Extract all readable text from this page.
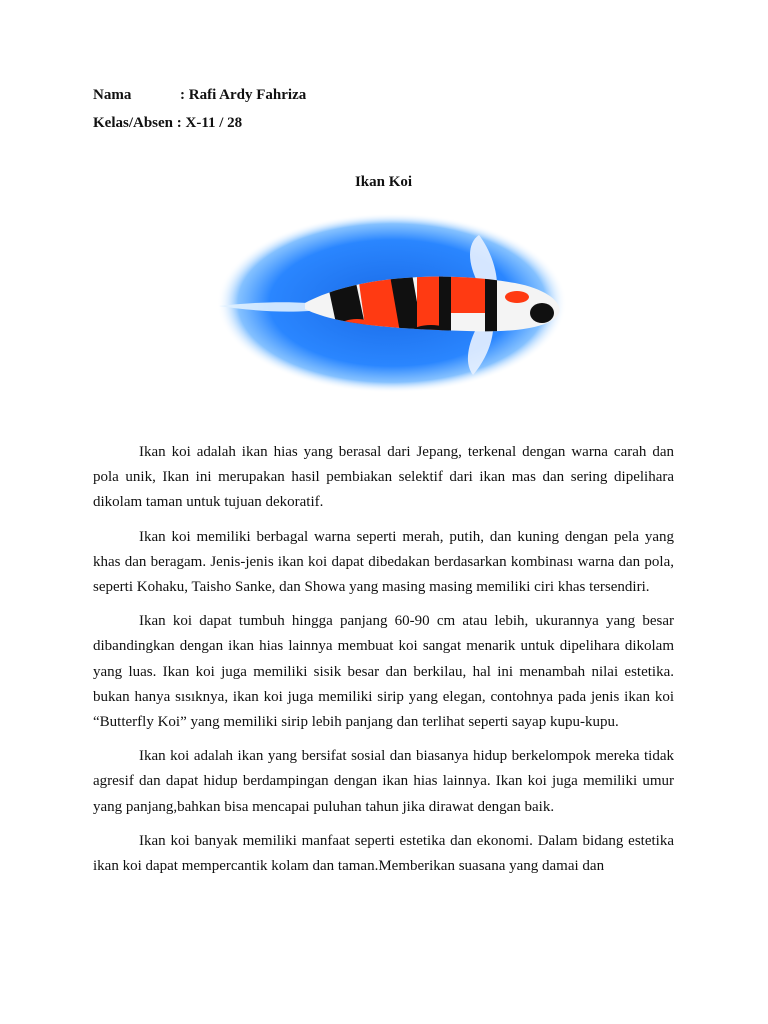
Nama	: Rafi Ardy Fahriza
Kelas/Absen : X-11 / 28
Ikan Koi

Ikan koi adalah ikan hias yang berasal dari Jepang, terkenal dengan warna carah dan pola unik, Ikan ini merupakan hasil pembiakan selektif dari ikan mas dan sering dipelihara dikolam taman untuk tujuan dekoratif.

Ikan koi memiliki berbagal warna seperti merah, putih, dan kuning dengan pela yang khas dan beragam. Jenis-jenis ikan koi dapat dibedakan berdasarkan kombinası warna dan pola, seperti Kohaku, Taisho Sanke, dan Showa yang masing masing memiliki ciri khas tersendiri.

Ikan koi dapat tumbuh hingga panjang 60-90 cm atau lebih, ukurannya yang besar dibandingkan dengan ikan hias lainnya membuat koi sangat menarik untuk dipelihara dikolam yang luas. Ikan koi juga memiliki sisik besar dan berkilau, hal ini menambah nilai estetika. bukan hanya sısıknya, ikan koi juga memiliki sirip yang elegan, contohnya pada jenis ikan koi “Butterfly Koi” yang memiliki sirip lebih panjang dan terlihat seperti sayap kupu-kupu.

Ikan koi adalah ikan yang bersifat sosial dan biasanya hidup berkelompok mereka tidak agresif dan dapat hidup berdampingan dengan ikan hias lainnya. Ikan koi juga memiliki umur yang panjang,bahkan bisa mencapai puluhan tahun jika dirawat dengan baik.

Ikan koi banyak memiliki manfaat seperti estetika dan ekonomi. Dalam bidang estetika ikan koi dapat mempercantik kolam dan taman.Memberikan suasana yang damai dan
